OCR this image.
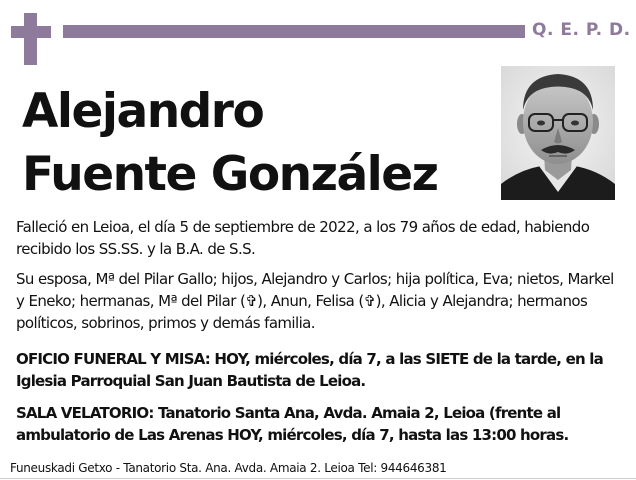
Q. E. P. D.
Alejandro
Fuente González
Falleció en Leioa, el día 5 de septiembre de 2022, a los 79 años de edad, habiendo recibido los SS.SS. y la B.A. de S.S.
Su esposa, Mª del Pilar Gallo; hijos, Alejandro y Carlos; hija política, Eva; nietos, Markel y Eneko; hermanas, Mª del Pilar (✞), Anun, Felisa (✞), Alicia y Alejandra; hermanos políticos, sobrinos, primos y demás familia.
OFICIO FUNERAL Y MISA: HOY, miércoles, día 7, a las SIETE de la tarde, en la Iglesia Parroquial San Juan Bautista de Leioa.
SALA VELATORIO: Tanatorio Santa Ana, Avda. Amaia 2, Leioa (frente al ambulatorio de Las Arenas HOY, miércoles, día 7, hasta las 13:00 horas.
Funeuskadi Getxo - Tanatorio Sta. Ana. Avda. Amaia 2. Leioa Tel: 944646381
